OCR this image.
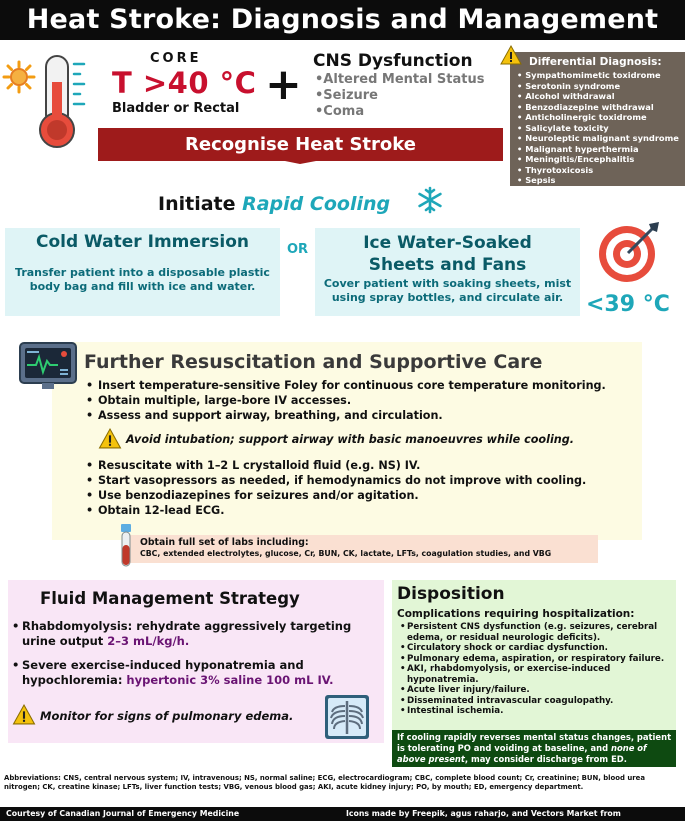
Heat Stroke: Diagnosis and Management
CORE
T >40 °C
Bladder or Rectal + CNS Dysfunction
•Altered Mental Status
•Seizure
•Coma
Differential Diagnosis:
• Sympathomimetic toxidrome
• Serotonin syndrome
• Alcohol withdrawal
• Benzodiazepine withdrawal
• Anticholinergic toxidrome
• Salicylate toxicity
• Neuroleptic malignant syndrome
• Malignant hyperthermia
• Meningitis/Encephalitis
• Thyrotoxicosis
• Sepsis
Recognise Heat Stroke
Initiate Rapid Cooling
Cold Water Immersion
Transfer patient into a disposable plastic body bag and fill with ice and water.
OR	Ice Water-Soaked
Sheets and Fans
Cover patient with soaking sheets, mist using spray bottles, and circulate air.	<39 °C
Further Resuscitation and Supportive Care
• Insert temperature-sensitive Foley for continuous core temperature monitoring.
• Obtain multiple, large-bore IV accesses.
• Assess and support airway, breathing, and circulation.
Avoid intubation; support airway with basic manoeuvres while cooling.
• Resuscitate with 1–2 L crystalloid fluid (e.g. NS) IV.
• Start vasopressors as needed, if hemodynamics do not improve with cooling.
• Use benzodiazepines for seizures and/or agitation.
• Obtain 12-lead ECG.
Obtain full set of labs including:
CBC, extended electrolytes, glucose, Cr, BUN, CK, lactate, LFTs, coagulation studies, and VBG
Fluid Management Strategy
• Rhabdomyolysis: rehydrate aggressively targeting urine output 2–3 mL/kg/h.
• Severe exercise-induced hyponatremia and hypochloremia: hypertonic 3% saline 100 mL IV.
Monitor for signs of pulmonary edema.
Disposition
Complications requiring hospitalization:
• Persistent CNS dysfunction (e.g. seizures, cerebral edema, or residual neurologic deficits).
• Circulatory shock or cardiac dysfunction.
• Pulmonary edema, aspiration, or respiratory failure.
• AKI, rhabdomyolysis, or exercise-induced hyponatremia.
• Acute liver injury/failure.
• Disseminated intravascular coagulopathy.
• Intestinal ischemia.
If cooling rapidly reverses mental status changes, patient is tolerating PO and voiding at baseline, and none of above present, may consider discharge from ED.
Abbreviations: CNS, central nervous system; IV, intravenous; NS, normal saline; ECG, electrocardiogram; CBC, complete blood count; Cr, creatinine; BUN, blood urea nitrogen; CK, creatine kinase; LFTs, liver function tests; VBG, venous blood gas; AKI, acute kidney injury; PO, by mouth; ED, emergency department.
Courtesy of Canadian Journal of Emergency Medicine	Icons made by Freepik, agus raharjo, and Vectors Market from www.flaticon.com
